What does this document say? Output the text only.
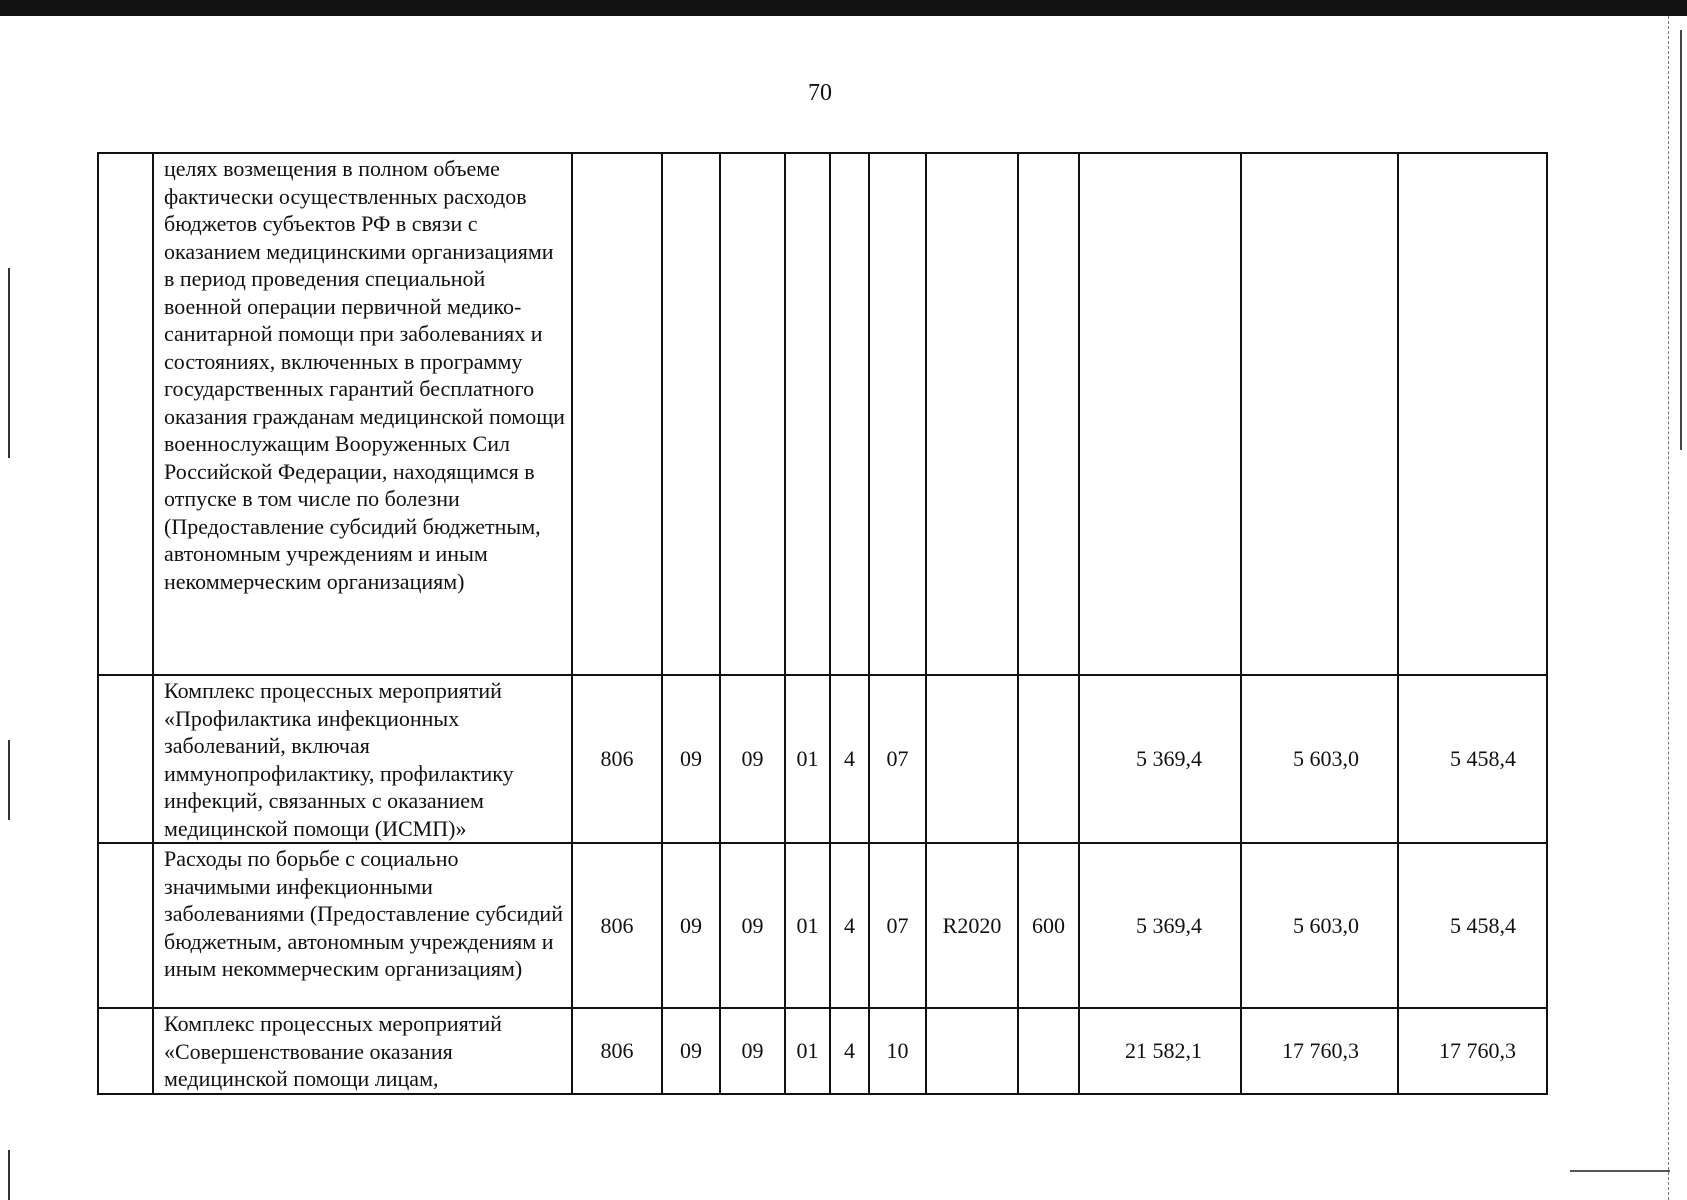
70
	целях возмещения в полном объеме фактически осуществленных расходов бюджетов субъектов РФ в связи с оказанием медицинскими организациями в период проведения специальной военной операции первичной медико-санитарной помощи при заболеваниях и состояниях, включенных в программу государственных гарантий бесплатного оказания гражданам медицинской помощи военнослужащим Вооруженных Сил Российской Федерации, находящимся в отпуске в том числе по болезни (Предоставление субсидий бюджетным, автономным учреждениям и иным некоммерческим организациям)											
	Комплекс процессных мероприятий «Профилактика инфекционных заболеваний, включая иммунопрофилактику, профилактику инфекций, связанных с оказанием медицинской помощи (ИСМП)»	806	09	09	01	4	07			5 369,4	5 603,0	5 458,4
	Расходы по борьбе с социально значимыми инфекционными заболеваниями (Предоставление субсидий бюджетным, автономным учреждениям и иным некоммерческим организациям)	806	09	09	01	4	07	R2020	600	5 369,4	5 603,0	5 458,4
	Комплекс процессных мероприятий «Совершенствование оказания медицинской помощи лицам,	806	09	09	01	4	10			21 582,1	17 760,3	17 760,3
